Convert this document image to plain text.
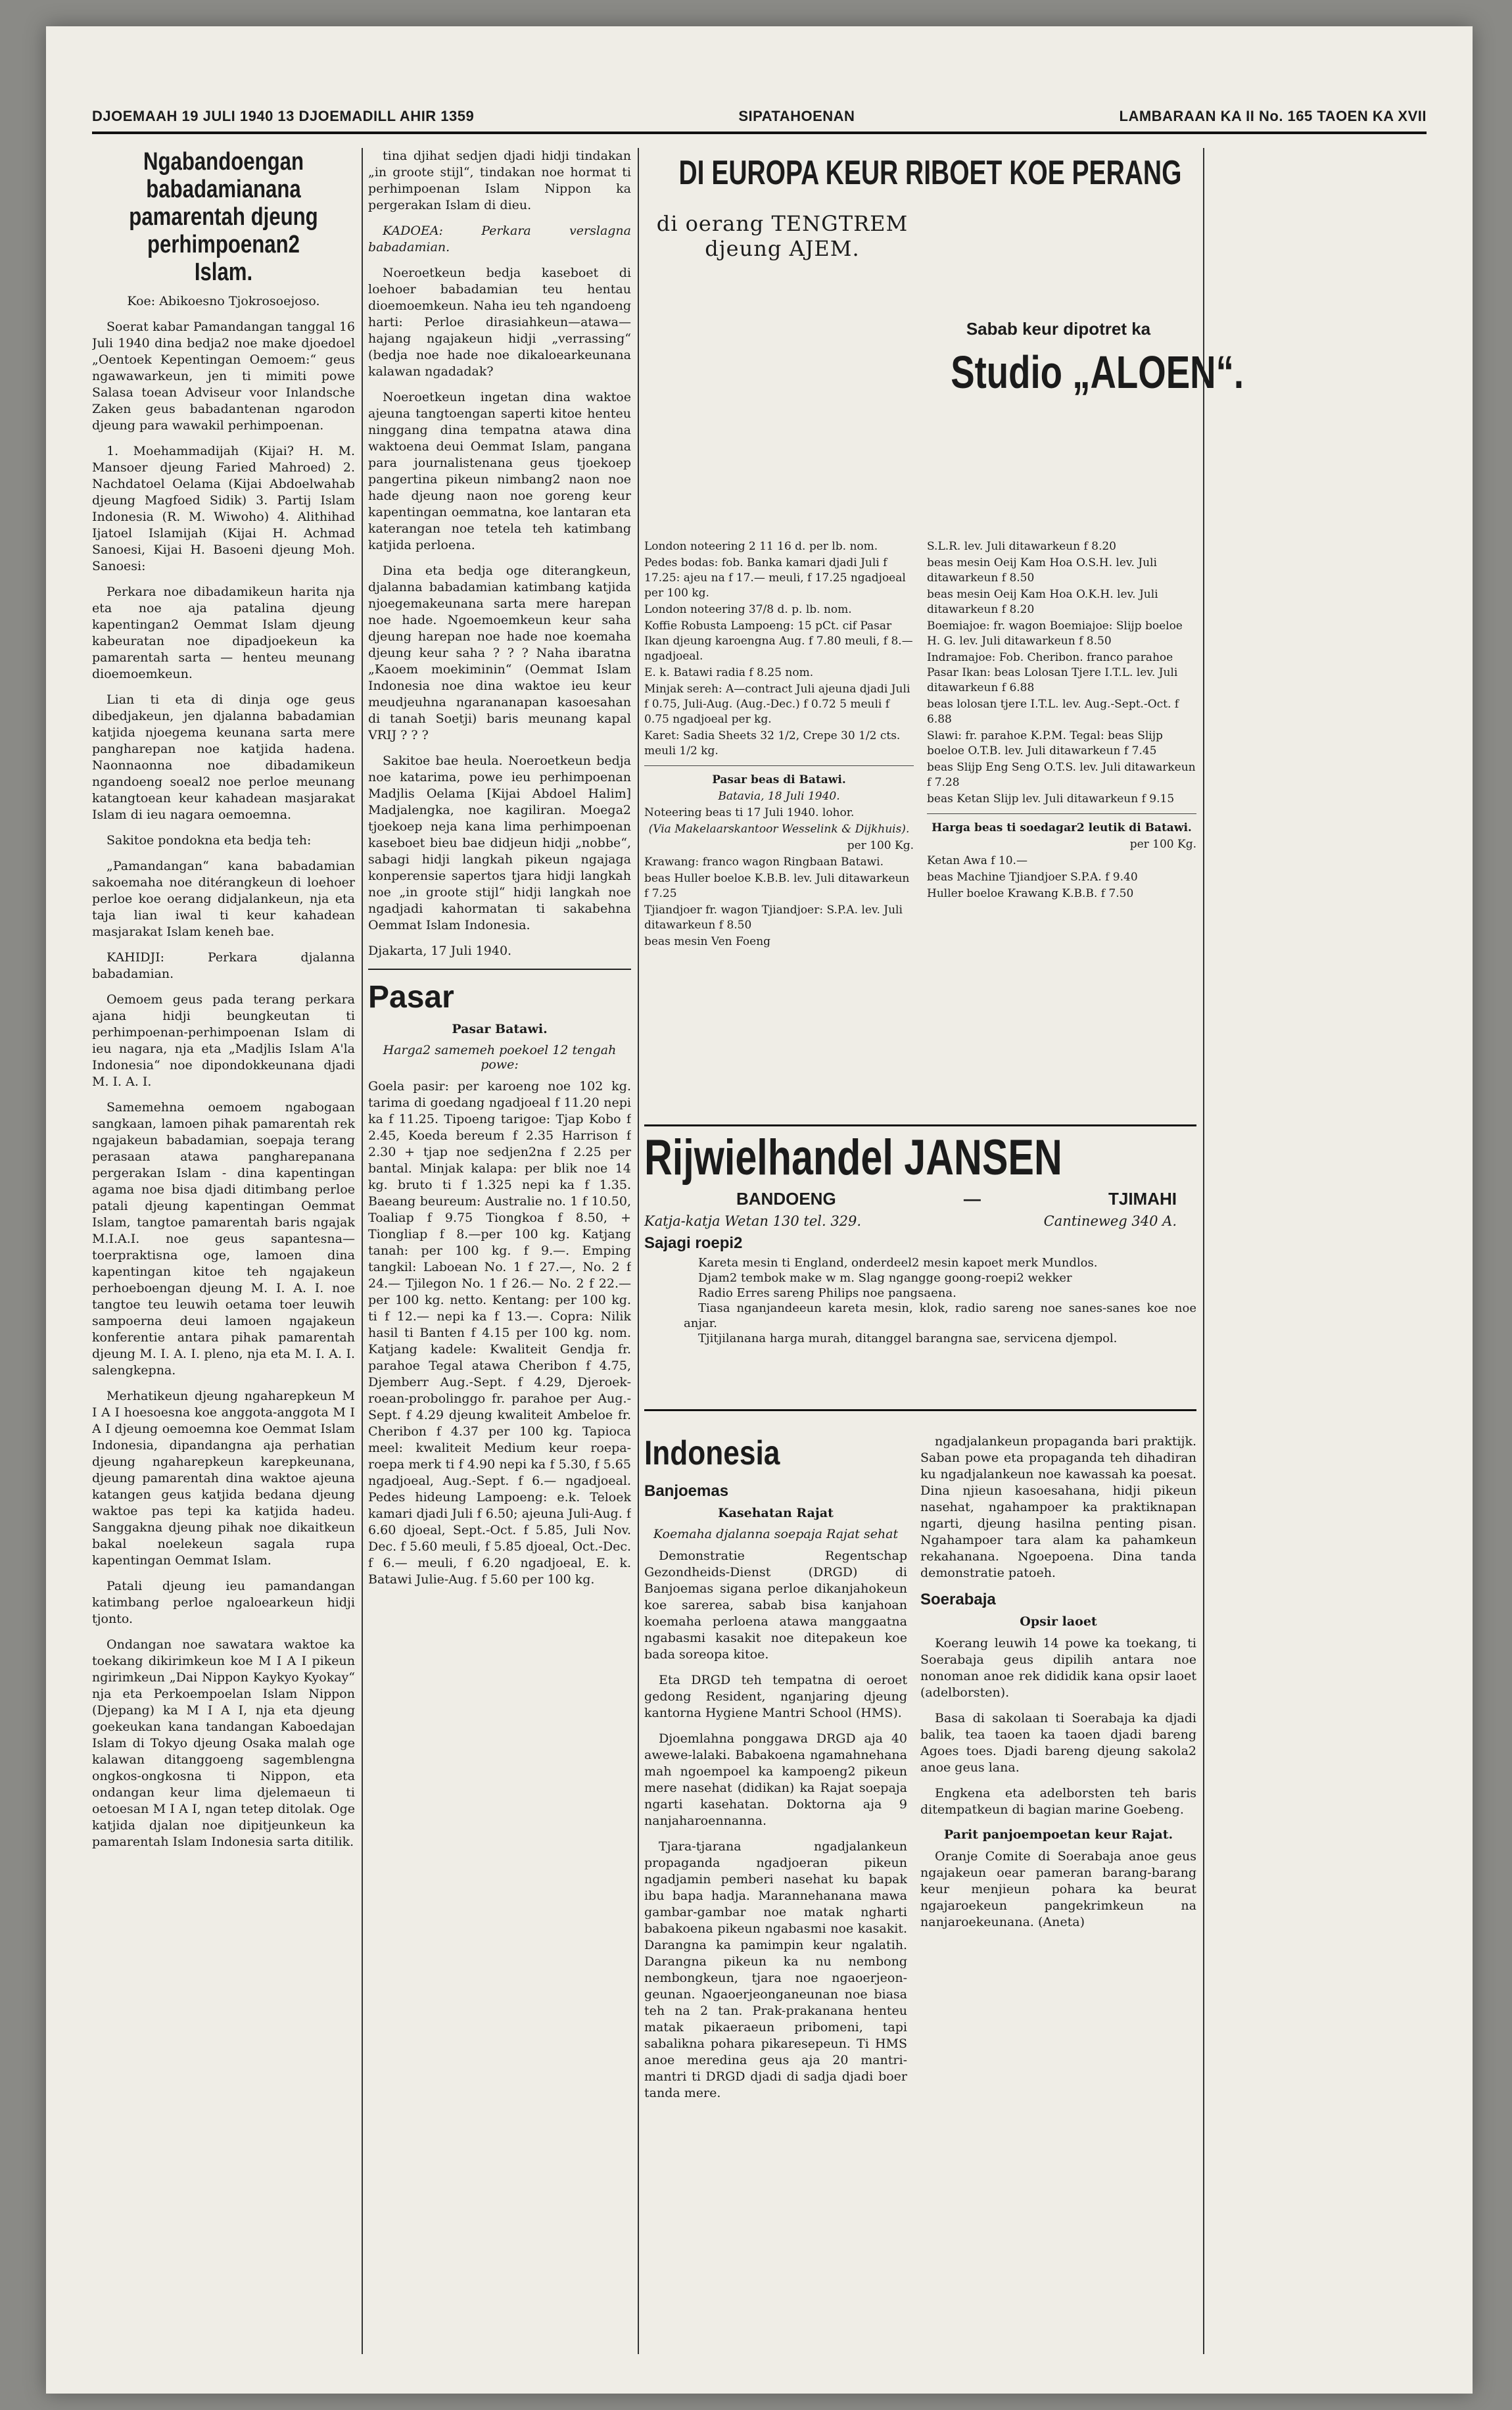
DJOEMAAH 19 JULI 1940 13 DJOEMADILL AHIR 1359	SIPATAHOENAN	LAMBARAAN KA II No. 165 TAOEN KA XVII
Ngabandoengan babadamianana pamarentah djeung perhimpoenan2 Islam.
Koe: Abikoesno Tjokrosoejoso.

Soerat kabar Pamandangan tanggal 16 Juli 1940 dina bedja2 noe make djoedoel „Oentoek Kepentingan Oemoem:“ geus ngawawarkeun, jen ti mimiti powe Salasa toean Adviseur voor Inlandsche Zaken geus babadantenan ngarodon djeung para wawakil perhimpoenan.

1. Moehammadijah (Kijai? H. M. Mansoer djeung Faried Mahroed) 2. Nachdatoel Oelama (Kijai Abdoelwahab djeung Magfoed Sidik) 3. Partij Islam Indonesia (R. M. Wiwoho) 4. Alithihad Ijatoel Islamijah (Kijai H. Achmad Sanoesi, Kijai H. Basoeni djeung Moh. Sanoesi:

Perkara noe dibadamikeun harita nja eta noe aja patalina djeung kapentingan2 Oemmat Islam djeung kabeuratan noe dipadjoekeun ka pamarentah sarta — henteu meunang dioemoemkeun.

Lian ti eta di dinja oge geus dibedjakeun, jen djalanna babadamian katjida njoegema keunana sarta mere pangharepan noe katjida hadena. Naonnaonna noe dibadamikeun ngandoeng soeal2 noe perloe meunang katangtoean keur kahadean masjarakat Islam di ieu nagara oemoemna.

Sakitoe pondokna eta bedja teh:

„Pamandangan“ kana babadamian sakoemaha noe ditérangkeun di loehoer perloe koe oerang didjalankeun, nja eta taja lian iwal ti keur kahadean masjarakat Islam keneh bae.

KAHIDJI: Perkara djalanna babadamian.

Oemoem geus pada terang perkara ajana hidji beungkeutan ti perhimpoenan-perhimpoenan Islam di ieu nagara, nja eta „Madjlis Islam A'la Indonesia“ noe dipondokkeunana djadi M. I. A. I.

Samemehna oemoem ngabogaan sangkaan, lamoen pihak pamarentah rek ngajakeun babadamian, soepaja terang perasaan atawa pangharepanana pergerakan Islam - dina kapentingan agama noe bisa djadi ditimbang perloe patali djeung kapentingan Oemmat Islam, tangtoe pamarentah baris ngajak M.I.A.I. noe geus sapantesna—toerpraktisna oge, lamoen dina kapentingan kitoe teh ngajakeun perhoeboengan djeung M. I. A. I. noe tangtoe teu leuwih oetama toer leuwih sampoerna deui lamoen ngajakeun konferentie antara pihak pamarentah djeung M. I. A. I. pleno, nja eta M. I. A. I. salengkepna.

Merhatikeun djeung ngaharepkeun M I A I hoesoesna koe anggota-anggota M I A I djeung oemoemna koe Oemmat Islam Indonesia, dipandangna aja perhatian djeung ngaharepkeun karepkeunana, djeung pamarentah dina waktoe ajeuna katangen geus katjida bedana djeung waktoe pas tepi ka katjida hadeu. Sanggakna djeung pihak noe dikaitkeun bakal noelekeun sagala rupa kapentingan Oemmat Islam.

Patali djeung ieu pamandangan katimbang perloe ngaloearkeun hidji tjonto.

Ondangan noe sawatara waktoe ka toekang dikirimkeun koe M I A I pikeun ngirimkeun „Dai Nippon Kaykyo Kyokay“ nja eta Perkoempoelan Islam Nippon (Djepang) ka M I A I, nja eta djeung goekeukan kana tandangan Kaboedajan Islam di Tokyo djeung Osaka malah oge kalawan ditanggoeng sagemblengna ongkos-ongkosna ti Nippon, eta ondangan keur lima djelemaeun ti oetoesan M I A I, ngan tetep ditolak. Oge katjida djalan noe dipitjeunkeun ka pamarentah Islam Indonesia sarta ditilik.

tina djihat sedjen djadi hidji tindakan „in groote stijl“, tindakan noe hormat ti perhimpoenan Islam Nippon ka pergerakan Islam di dieu.

KADOEA: Perkara verslagna babadamian.

Noeroetkeun bedja kaseboet di loehoer babadamian teu hentau dioemoemkeun. Naha ieu teh ngandoeng harti: Perloe dirasiahkeun—atawa—hajang ngajakeun hidji „verrassing“ (bedja noe hade noe dikaloearkeunana kalawan ngadadak?

Noeroetkeun ingetan dina waktoe ajeuna tangtoengan saperti kitoe henteu ninggang dina tempatna atawa dina waktoena deui Oemmat Islam, pangana para journalistenana geus tjoekoep pangertina pikeun nimbang2 naon noe hade djeung naon noe goreng keur kapentingan oemmatna, koe lantaran eta katerangan noe tetela teh katimbang katjida perloena.

Dina eta bedja oge diterangkeun, djalanna babadamian katimbang katjida njoegemakeunana sarta mere harepan noe hade. Ngoemoemkeun keur saha djeung harepan noe hade noe koemaha djeung keur saha ? ? ? Naha ibaratna „Kaoem moekiminin“ (Oemmat Islam Indonesia noe dina waktoe ieu keur meudjeuhna ngarananapan kasoesahan di tanah Soetji) baris meunang kapal VRIJ ? ? ?

Sakitoe bae heula. Noeroetkeun bedja noe katarima, powe ieu perhimpoenan Madjlis Oelama [Kijai Abdoel Halim] Madjalengka, noe kagiliran. Moega2 tjoekoep neja kana lima perhimpoenan kaseboet bieu bae didjeun hidji „nobbe“, sabagi hidji langkah pikeun ngajaga konperensie sapertos tjara hidji langkah noe „in groote stijl“ hidji langkah noe ngadjadi kahormatan ti sakabehna Oemmat Islam Indonesia.

Djakarta, 17 Juli 1940.

Pasar
Pasar Batawi.
Harga2 samemeh poekoel 12 tengah powe:

Goela pasir: per karoeng noe 102 kg. tarima di goedang ngadjoeal f 11.20 nepi ka f 11.25. Tipoeng tarigoe: Tjap Kobo f 2.45, Koeda bereum f 2.35 Harrison f 2.30 + tjap noe sedjen2na f 2.25 per bantal. Minjak kalapa: per blik noe 14 kg. bruto ti f 1.325 nepi ka f 1.35. Baeang beureum: Australie no. 1 f 10.50, Toaliap f 9.75 Tiongkoa f 8.50, + Tiongliap f 8.—per 100 kg. Katjang tanah: per 100 kg. f 9.—. Emping tangkil: Laboean No. 1 f 27.—, No. 2 f 24.— Tjilegon No. 1 f 26.— No. 2 f 22.—per 100 kg. netto. Kentang: per 100 kg. ti f 12.— nepi ka f 13.—. Copra: Nilik hasil ti Banten f 4.15 per 100 kg. nom. Katjang kadele: Kwaliteit Gendja fr. parahoe Tegal atawa Cheribon f 4.75, Djemberr Aug.-Sept. f 4.29, Djeroek-roean-probolinggo fr. parahoe per Aug.-Sept. f 4.29 djeung kwaliteit Ambeloe fr. Cheribon f 4.37 per 100 kg. Tapioca meel: kwaliteit Medium keur roepa-roepa merk ti f 4.90 nepi ka f 5.30, f 5.65 ngadjoeal, Aug.-Sept. f 6.— ngadjoeal. Pedes hideung Lampoeng: e.k. Teloek kamari djadi Juli f 6.50; ajeuna Juli-Aug. f 6.60 djoeal, Sept.-Oct. f 5.85, Juli Nov. Dec. f 5.60 meuli, f 5.85 djoeal, Oct.-Dec. f 6.— meuli, f 6.20 ngadjoeal, E. k. Batawi Julie-Aug. f 5.60 per 100 kg.

DI EUROPA KEUR RIBOET KOE PERANG
di oerang TENGTREM djeung AJEM.
Sabab keur dipotret ka
Studio „ALOEN“.
London noteering 2 11 16 d. per lb. nom.
Pedes bodas: fob. Banka kamari djadi Juli f 17.25: ajeu na f 17.— meuli, f 17.25 ngadjoeal per 100 kg.
London noteering 37/8 d. p. lb. nom.
Koffie Robusta Lampoeng: 15 pCt. cif Pasar Ikan djeung karoengna Aug. f 7.80 meuli, f 8.— ngadjoeal.
E. k. Batawi radia f 8.25 nom.
Minjak sereh: A—contract Juli ajeuna djadi Juli f 0.75, Juli-Aug. (Aug.-Dec.) f 0.72 5 meuli f 0.75 ngadjoeal per kg.
Karet: Sadia Sheets 32 1/2, Crepe 30 1/2 cts. meuli 1/2 kg.
Pasar beas di Batawi.
Batavia, 18 Juli 1940.
Noteering beas ti 17 Juli 1940. lohor.
(Via Makelaarskantoor Wesselink & Dijkhuis).
per 100 Kg.
Krawang: franco wagon Ringbaan Batawi.
beas Huller boeloe K.B.B. lev. Juli ditawarkeun f 7.25
Tjiandjoer fr. wagon Tjiandjoer: S.P.A. lev. Juli ditawarkeun f 8.50
beas mesin Ven Foeng
S.L.R. lev. Juli ditawarkeun f 8.20
beas mesin Oeij Kam Hoa O.S.H. lev. Juli ditawarkeun f 8.50
beas mesin Oeij Kam Hoa O.K.H. lev. Juli ditawarkeun f 8.20
Boemiajoe: fr. wagon Boemiajoe: Slijp boeloe H. G. lev. Juli ditawarkeun f 8.50
Indramajoe: Fob. Cheribon. franco parahoe Pasar Ikan: beas Lolosan Tjere I.T.L. lev. Juli ditawarkeun f 6.88
beas lolosan tjere I.T.L. lev. Aug.-Sept.-Oct. f 6.88
Slawi: fr. parahoe K.P.M. Tegal: beas Slijp boeloe O.T.B. lev. Juli ditawarkeun f 7.45
beas Slijp Eng Seng O.T.S. lev. Juli ditawarkeun f 7.28
beas Ketan Slijp lev. Juli ditawarkeun f 9.15
Harga beas ti soedagar2 leutik di Batawi.
per 100 Kg.
Ketan Awa f 10.—
beas Machine Tjiandjoer S.P.A. f 9.40
Huller boeloe Krawang K.B.B. f 7.50
Rijwielhandel JANSEN
BANDOENG	—	TJIMAHI
Katja-katja Wetan 130 tel. 329.	Cantineweg 340 A.
Sajagi roepi2

Kareta mesin ti England, onderdeel2 mesin kapoet merk Mundlos.

Djam2 tembok make w m. Slag ngangge goong-roepi2 wekker

Radio Erres sareng Philips noe pangsaena.

Tiasa nganjandeeun kareta mesin, klok, radio sareng noe sanes-sanes koe noe anjar.

Tjitjilanana harga murah, ditanggel barangna sae, servicena djempol.

Indonesia
Banjoemas
Kasehatan Rajat
Koemaha djalanna soepaja Rajat sehat

Demonstratie Regentschap Gezondheids-Dienst (DRGD) di Banjoemas sigana perloe dikanjahokeun koe sarerea, sabab bisa kanjahoan koemaha perloena atawa manggaatna ngabasmi kasakit noe ditepakeun koe bada soreopa kitoe.

Eta DRGD teh tempatna di oeroet gedong Resident, nganjaring djeung kantorna Hygiene Mantri School (HMS).

Djoemlahna ponggawa DRGD aja 40 awewe-lalaki. Babakoena ngamahnehana mah ngoempoel ka kampoeng2 pikeun mere nasehat (didikan) ka Rajat soepaja ngarti kasehatan. Doktorna aja 9 nanjaharoennanna.

Tjara-tjarana ngadjalankeun propaganda ngadjoeran pikeun ngadjamin pemberi nasehat ku bapak ibu bapa hadja. Marannehanana mawa gambar-gambar noe matak ngharti babakoena pikeun ngabasmi noe kasakit. Darangna ka pamimpin keur ngalatih. Darangna pikeun ka nu nembong nembongkeun, tjara noe ngaoerjeon-geunan. Ngaoerjeonganeunan noe biasa teh na 2 tan. Prak-prakanana henteu matak pikaeraeun pribomeni, tapi sabalikna pohara pikaresepeun. Ti HMS anoe meredina geus aja 20 mantri-mantri ti DRGD djadi di sadja djadi boer tanda mere.

ngadjalankeun propaganda bari praktijk. Saban powe eta propaganda teh dihadiran ku ngadjalankeun noe kawassah ka poesat. Dina njieun kasoesahana, hidji pikeun nasehat, ngahampoer ka praktiknapan ngarti, djeung hasilna penting pisan. Ngahampoer tara alam ka pahamkeun rekahanana. Ngoepoena. Dina tanda demonstratie patoeh.

Soerabaja
Opsir laoet

Koerang leuwih 14 powe ka toekang, ti Soerabaja geus dipilih antara noe nonoman anoe rek dididik kana opsir laoet (adelborsten).

Basa di sakolaan ti Soerabaja ka djadi balik, tea taoen ka taoen djadi bareng Agoes toes. Djadi bareng djeung sakola2 anoe geus lana.

Engkena eta adelborsten teh baris ditempatkeun di bagian marine Goebeng.

Parit panjoempoetan keur Rajat.

Oranje Comite di Soerabaja anoe geus ngajakeun oear pameran barang-barang keur menjieun pohara ka beurat ngajaroekeun pangekrimkeun na nanjaroekeunana. (Aneta)
